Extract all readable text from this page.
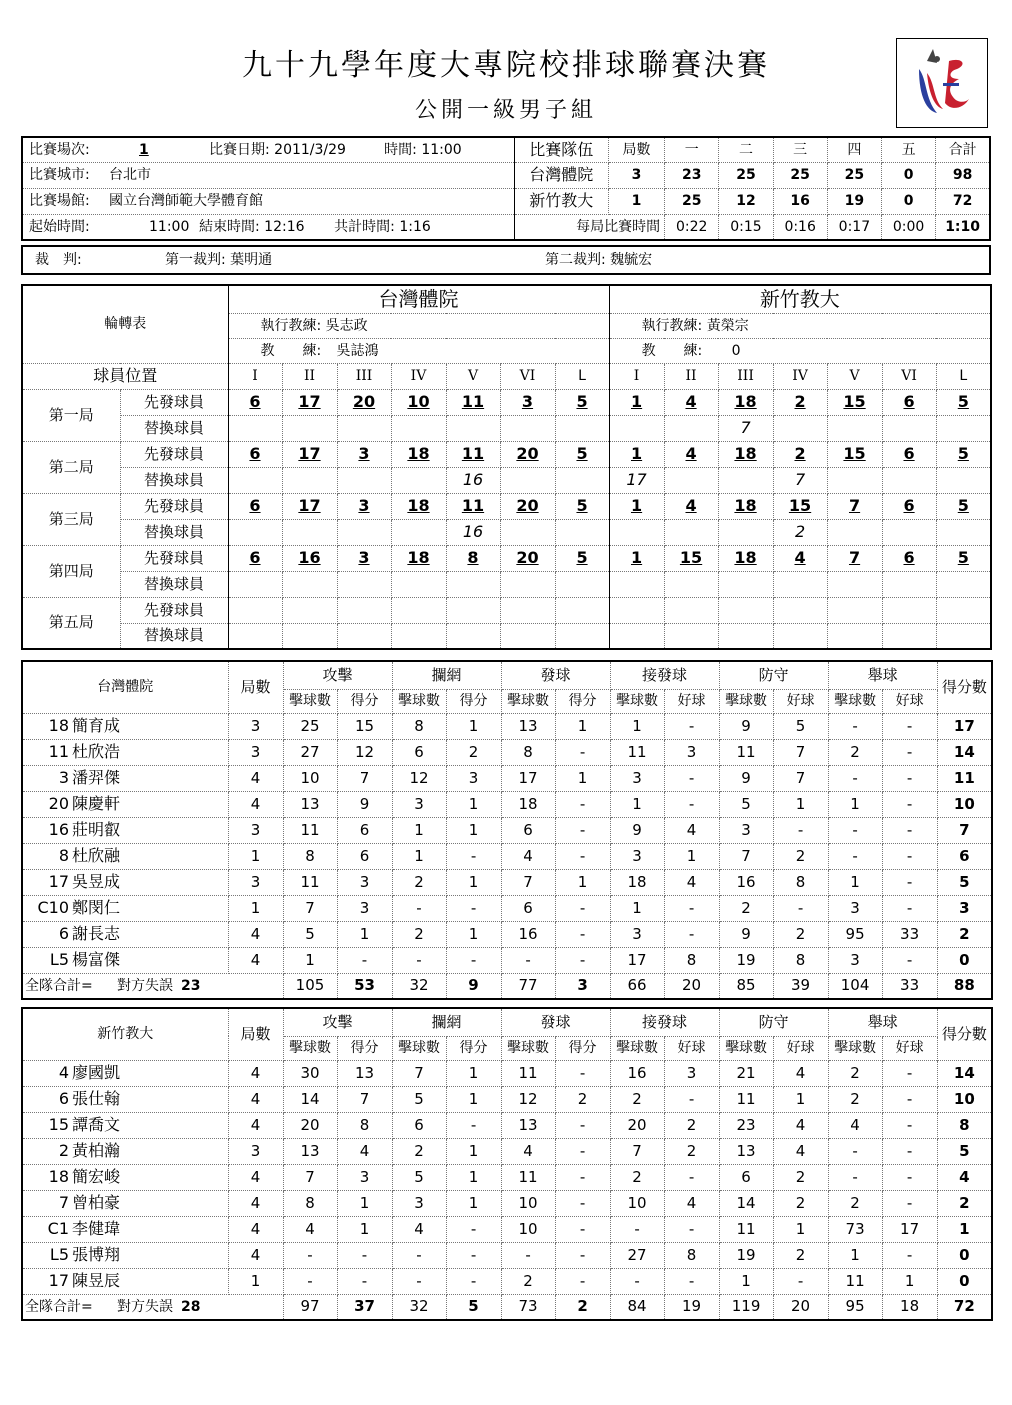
九十九學年度大專院校排球聯賽決賽
公開一級男子組
比賽場次: 1 比賽日期: 2011/3/29 時間: 11:00	比賽隊伍	局數	一	二	三	四	五	合計
比賽城市: 台北市	台灣體院	3	23	25	25	25	0	98
比賽場館: 國立台灣師範大學體育館	新竹教大	1	25	12	16	19	0	72
起始時間: 11:00 結束時間: 12:16 共計時間: 1:16	每局比賽時間		0:22	0:15	0:16	0:17	0:00	1:10
裁　判:	第一裁判: 葉明通	第二裁判: 魏毓宏
輪轉表		台灣體院							新竹教大						
		執行教練: 吳志政							執行教練: 黃榮宗						
		教　　練: 吳誌鴻							教　　練: 0						
球員位置		I	II	III	IV	V	VI	L	I	II	III	IV	V	VI	L
第一局	先發球員	6	17	20	10	11	3	5	1	4	18	2	15	6	5
	替換球員										7				
第二局	先發球員	6	17	3	18	11	20	5	1	4	18	2	15	6	5
	替換球員					16			17			7			
第三局	先發球員	6	17	3	18	11	20	5	1	4	18	15	7	6	5
	替換球員					16						2			
第四局	先發球員	6	16	3	18	8	20	5	1	15	18	4	7	6	5
	替換球員														
第五局	先發球員														
	替換球員														
台灣體院	局數	攻擊		攔網		發球		接發球		防守		舉球		得分數
		擊球數	得分	擊球數	得分	擊球數	得分	擊球數	好球	擊球數	好球	擊球數	好球	
18 簡育成	3	25	15	8	1	13	1	1	-	9	5	-	-	17
11 杜欣浩	3	27	12	6	2	8	-	11	3	11	7	2	-	14
3 潘羿傑	4	10	7	12	3	17	1	3	-	9	7	-	-	11
20 陳慶軒	4	13	9	3	1	18	-	1	-	5	1	1	-	10
16 莊明叡	3	11	6	1	1	6	-	9	4	3	-	-	-	7
8 杜欣融	1	8	6	1	-	4	-	3	1	7	2	-	-	6
17 吳昱成	3	11	3	2	1	7	1	18	4	16	8	1	-	5
C10 鄭閔仁	1	7	3	-	-	6	-	1	-	2	-	3	-	3
6 謝長志	4	5	1	2	1	16	-	3	-	9	2	95	33	2
L5 楊富傑	4	1	-	-	-	-	-	17	8	19	8	3	-	0
全隊合計= 對方失誤 23		105	53	32	9	77	3	66	20	85	39	104	33	88
新竹教大	局數	攻擊		攔網		發球		接發球		防守		舉球		得分數
		擊球數	得分	擊球數	得分	擊球數	得分	擊球數	好球	擊球數	好球	擊球數	好球	
4 廖國凱	4	30	13	7	1	11	-	16	3	21	4	2	-	14
6 張仕翰	4	14	7	5	1	12	2	2	-	11	1	2	-	10
15 譚喬文	4	20	8	6	-	13	-	20	2	23	4	4	-	8
2 黃柏瀚	3	13	4	2	1	4	-	7	2	13	4	-	-	5
18 簡宏峻	4	7	3	5	1	11	-	2	-	6	2	-	-	4
7 曾柏豪	4	8	1	3	1	10	-	10	4	14	2	2	-	2
C1 李健瑋	4	4	1	4	-	10	-	-	-	11	1	73	17	1
L5 張博翔	4	-	-	-	-	-	-	27	8	19	2	1	-	0
17 陳昱辰	1	-	-	-	-	2	-	-	-	1	-	11	1	0
全隊合計= 對方失誤 28		97	37	32	5	73	2	84	19	119	20	95	18	72
